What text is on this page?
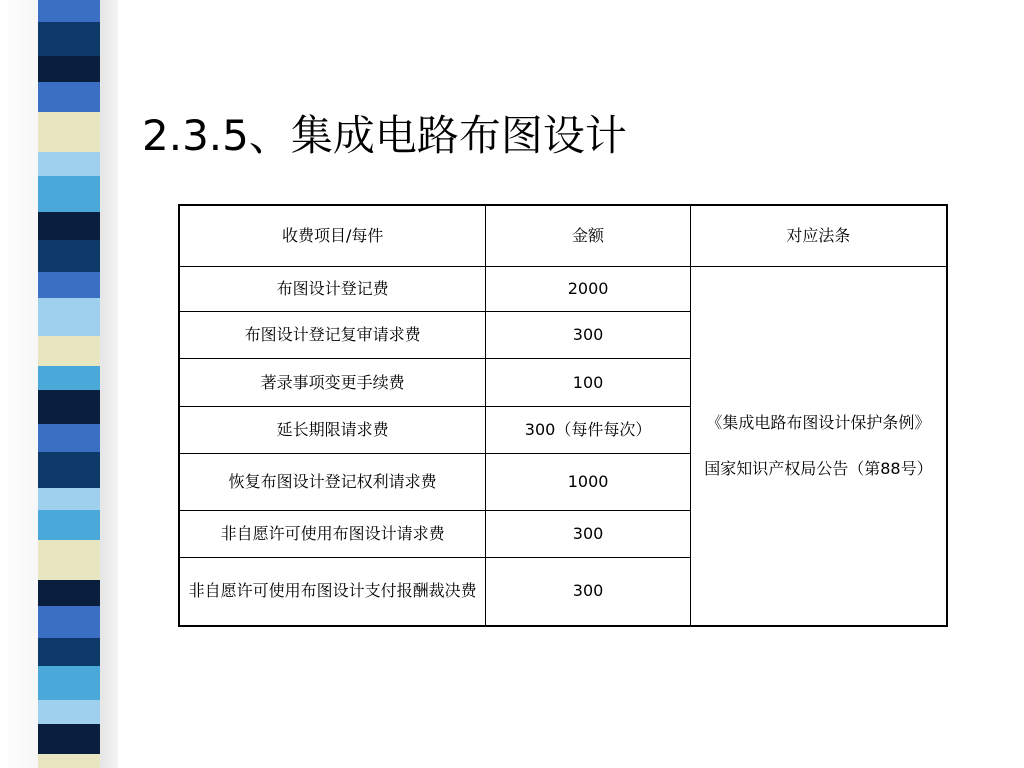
2.3.5、集成电路布图设计
收费项目/每件	金额	对应法条
布图设计登记费	2000	《集成电路布图设计保护条例》
国家知识产权局公告（第88号）

布图设计登记复审请求费	300	
著录事项变更手续费	100	
延长期限请求费	300（每件每次）	
恢复布图设计登记权利请求费	1000	
非自愿许可使用布图设计请求费	300	
非自愿许可使用布图设计支付报酬裁决费	300	
